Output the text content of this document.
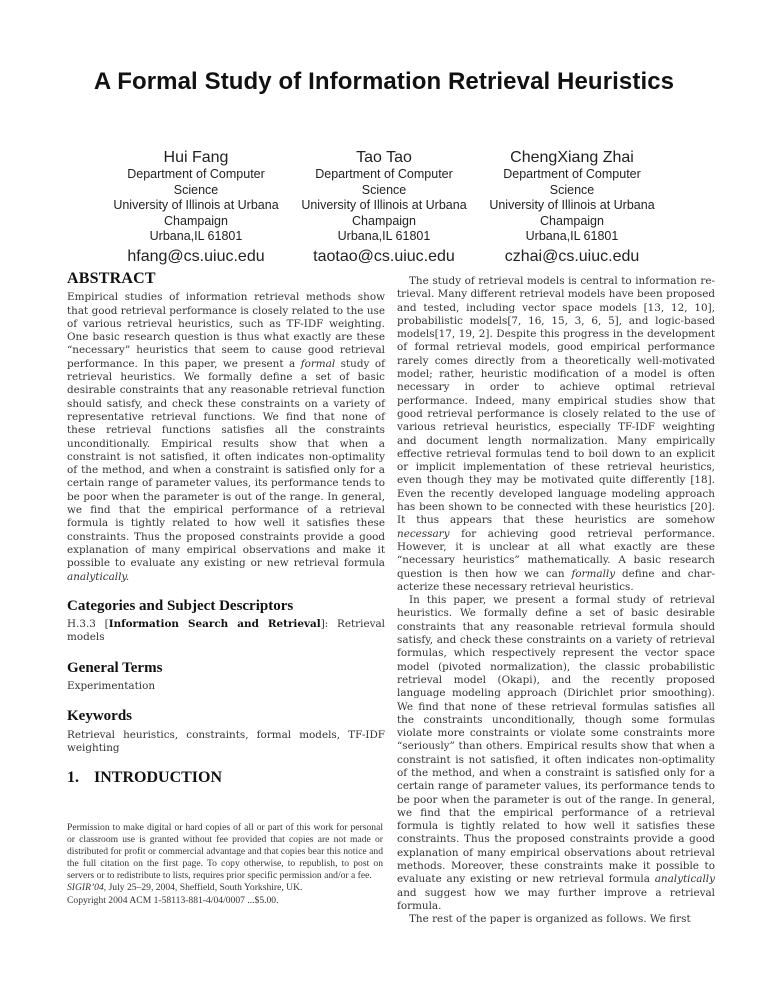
A Formal Study of Information Retrieval Heuristics
Hui Fang
Department of Computer
Science
University of Illinois at Urbana
Champaign
Urbana,IL 61801
hfang@cs.uiuc.edu
Tao Tao
Department of Computer
Science
University of Illinois at Urbana
Champaign
Urbana,IL 61801
taotao@cs.uiuc.edu
ChengXiang Zhai
Department of Computer
Science
University of Illinois at Urbana
Champaign
Urbana,IL 61801
czhai@cs.uiuc.edu
ABSTRACT

Empirical studies of information retrieval methods show that good retrieval performance is closely related to the use of various retrieval heuristics, such as TF-IDF weighting. One basic research question is thus what exactly are these “necessary” heuristics that seem to cause good retrieval performance. In this paper, we present a formal study of retrieval heuristics. We formally define a set of basic desirable constraints that any reasonable retrieval function should satisfy, and check these constraints on a variety of representative retrieval functions. We find that none of these retrieval functions satisfies all the constraints unconditionally. Empirical results show that when a constraint is not satisfied, it often indicates non-optimality of the method, and when a constraint is satisfied only for a certain range of parameter values, its performance tends to be poor when the parameter is out of the range. In general, we find that the empirical performance of a retrieval formula is tightly related to how well it satisfies these constraints. Thus the proposed constraints provide a good explanation of many empirical observations and make it possible to evaluate any existing or new retrieval formula analytically.

Categories and Subject Descriptors

H.3.3 [Information Search and Retrieval]: Retrieval models

General Terms

Experimentation

Keywords

Retrieval heuristics, constraints, formal models, TF-IDF weighting

1. INTRODUCTION

Permission to make digital or hard copies of all or part of this work for personal or classroom use is granted without fee provided that copies are not made or distributed for profit or commercial advantage and that copies bear this notice and the full citation on the first page. To copy otherwise, to republish, to post on servers or to redistribute to lists, requires prior specific permission and/or a fee.

SIGIR’04, July 25–29, 2004, Sheffield, South Yorkshire, UK.

Copyright 2004 ACM 1-58113-881-4/04/0007 ...$5.00.

The study of retrieval models is central to information retrieval. Many different retrieval models have been proposed and tested, including vector space models [13, 12, 10], probabilistic models[7, 16, 15, 3, 6, 5], and logic-based models[17, 19, 2]. Despite this progress in the development of formal retrieval models, good empirical performance rarely comes directly from a theoretically well-motivated model; rather, heuristic modification of a model is often necessary in order to achieve optimal retrieval performance. Indeed, many empirical studies show that good retrieval performance is closely related to the use of various retrieval heuristics, especially TF-IDF weighting and document length normalization. Many empirically effective retrieval formulas tend to boil down to an explicit or implicit implementation of these retrieval heuristics, even though they may be motivated quite differently [18]. Even the recently developed language modeling approach has been shown to be connected with these heuristics [20]. It thus appears that these heuristics are somehow necessary for achieving good retrieval performance. However, it is unclear at all what exactly are these “necessary heuristics” mathematically. A basic research question is then how we can formally define and characterize these necessary retrieval heuristics.

In this paper, we present a formal study of retrieval heuristics. We formally define a set of basic desirable constraints that any reasonable retrieval formula should satisfy, and check these constraints on a variety of retrieval formulas, which respectively represent the vector space model (pivoted normalization), the classic probabilistic retrieval model (Okapi), and the recently proposed language modeling approach (Dirichlet prior smoothing). We find that none of these retrieval formulas satisfies all the constraints unconditionally, though some formulas violate more constraints or violate some constraints more “seriously” than others. Empirical results show that when a constraint is not satisfied, it often indicates non-optimality of the method, and when a constraint is satisfied only for a certain range of parameter values, its performance tends to be poor when the parameter is out of the range. In general, we find that the empirical performance of a retrieval formula is tightly related to how well it satisfies these constraints. Thus the proposed constraints provide a good explanation of many empirical observations about retrieval methods. Moreover, these constraints make it possible to evaluate any existing or new retrieval formula analytically and suggest how we may further improve a retrieval formula.

The rest of the paper is organized as follows. We first
